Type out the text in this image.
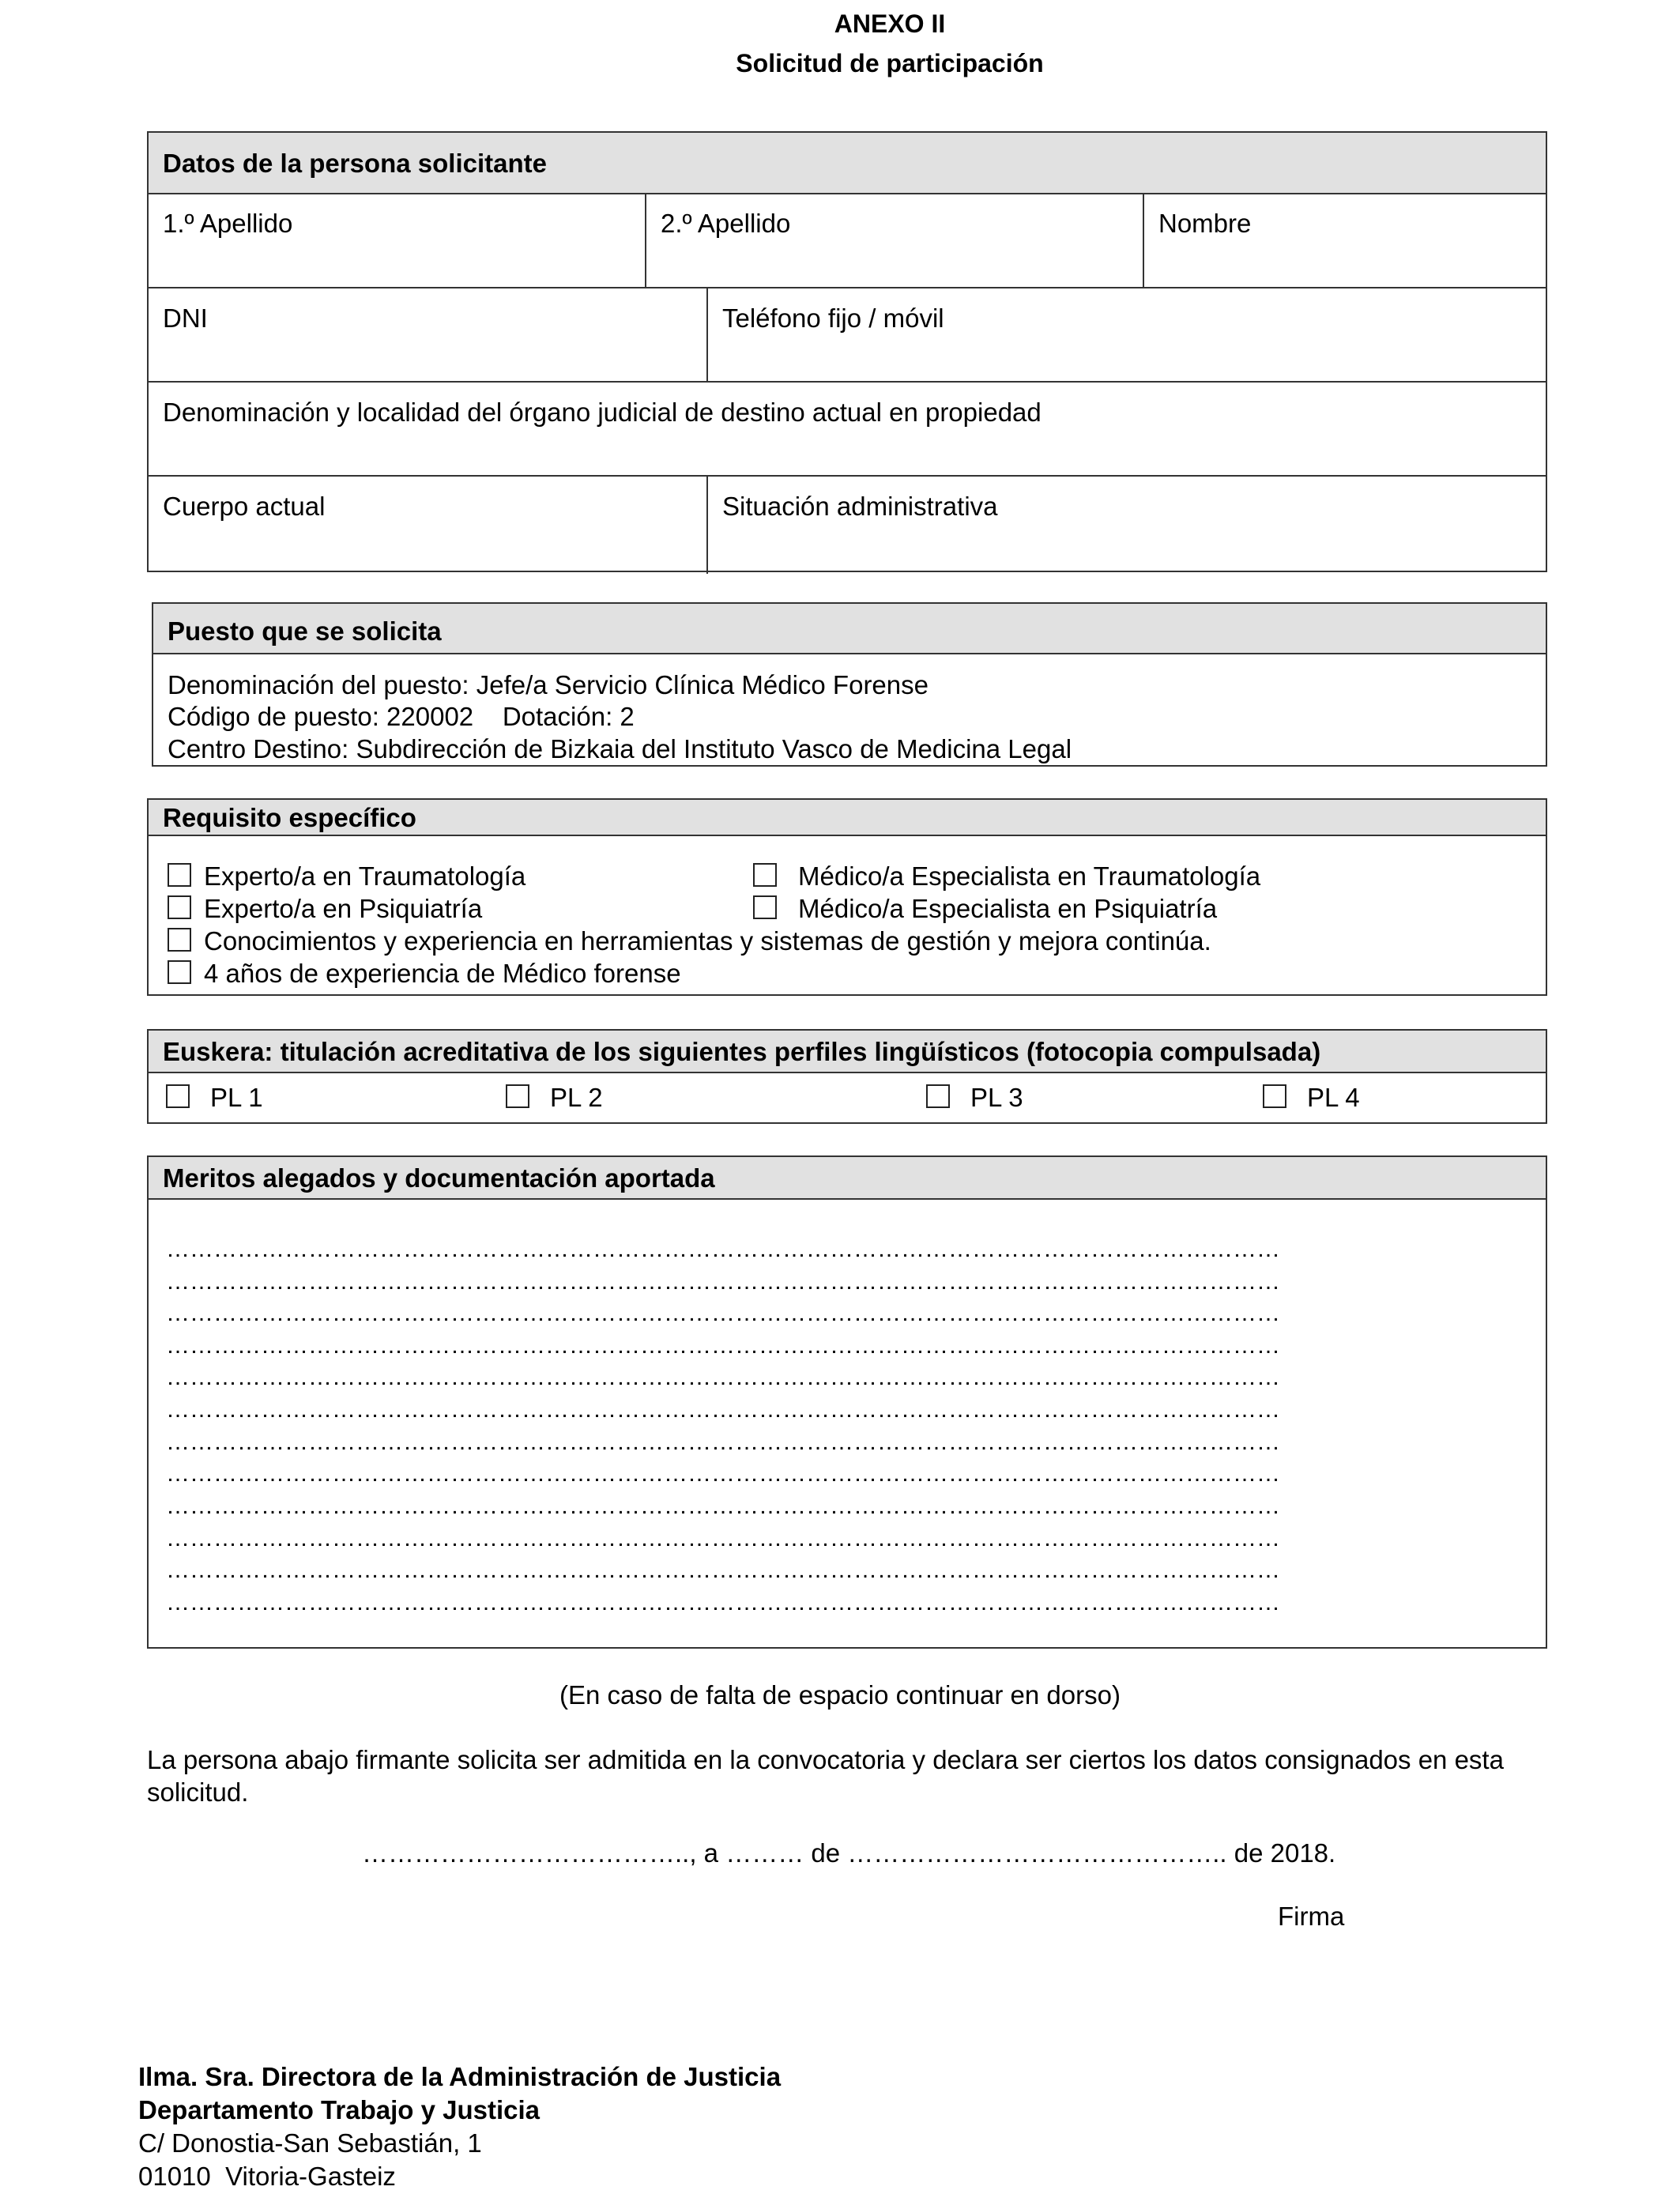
ANEXO II
Solicitud de participación
Datos de la persona solicitante
1.º Apellido	2.º Apellido	Nombre
DNI	Teléfono fijo / móvil
Denominación y localidad del órgano judicial de destino actual en propiedad
Cuerpo actual	Situación administrativa
Puesto que se solicita
Denominación del puesto: Jefe/a Servicio Clínica Médico Forense
Código de puesto: 220002    Dotación: 2
Centro Destino: Subdirección de Bizkaia del Instituto Vasco de Medicina Legal
Requisito específico
Experto/a en Traumatología	Médico/a Especialista en Traumatología
Experto/a en Psiquiatría	Médico/a Especialista en Psiquiatría
Conocimientos y experiencia en herramientas y sistemas de gestión y mejora continúa.
4 años de experiencia de Médico forense
Euskera: titulación acreditativa de los siguientes perfiles lingüísticos (fotocopia compulsada)
PL 1	PL 2	PL 3	PL 4
Meritos alegados y documentación aportada
……………………………………………………………………………………………………………………………
……………………………………………………………………………………………………………………………
……………………………………………………………………………………………………………………………
……………………………………………………………………………………………………………………………
……………………………………………………………………………………………………………………………
……………………………………………………………………………………………………………………………
……………………………………………………………………………………………………………………………
……………………………………………………………………………………………………………………………
……………………………………………………………………………………………………………………………
……………………………………………………………………………………………………………………………
……………………………………………………………………………………………………………………………
……………………………………………………………………………………………………………………………
(En caso de falta de espacio continuar en dorso)
La persona abajo firmante solicita ser admitida en la convocatoria y declara ser ciertos los datos consignados en esta solicitud.
……………………………….., a ……… de …………………………………….. de 2018.
Firma
Ilma. Sra. Directora de la Administración de Justicia
Departamento Trabajo y Justicia
C/ Donostia-San Sebastián, 1
01010  Vitoria-Gasteiz
